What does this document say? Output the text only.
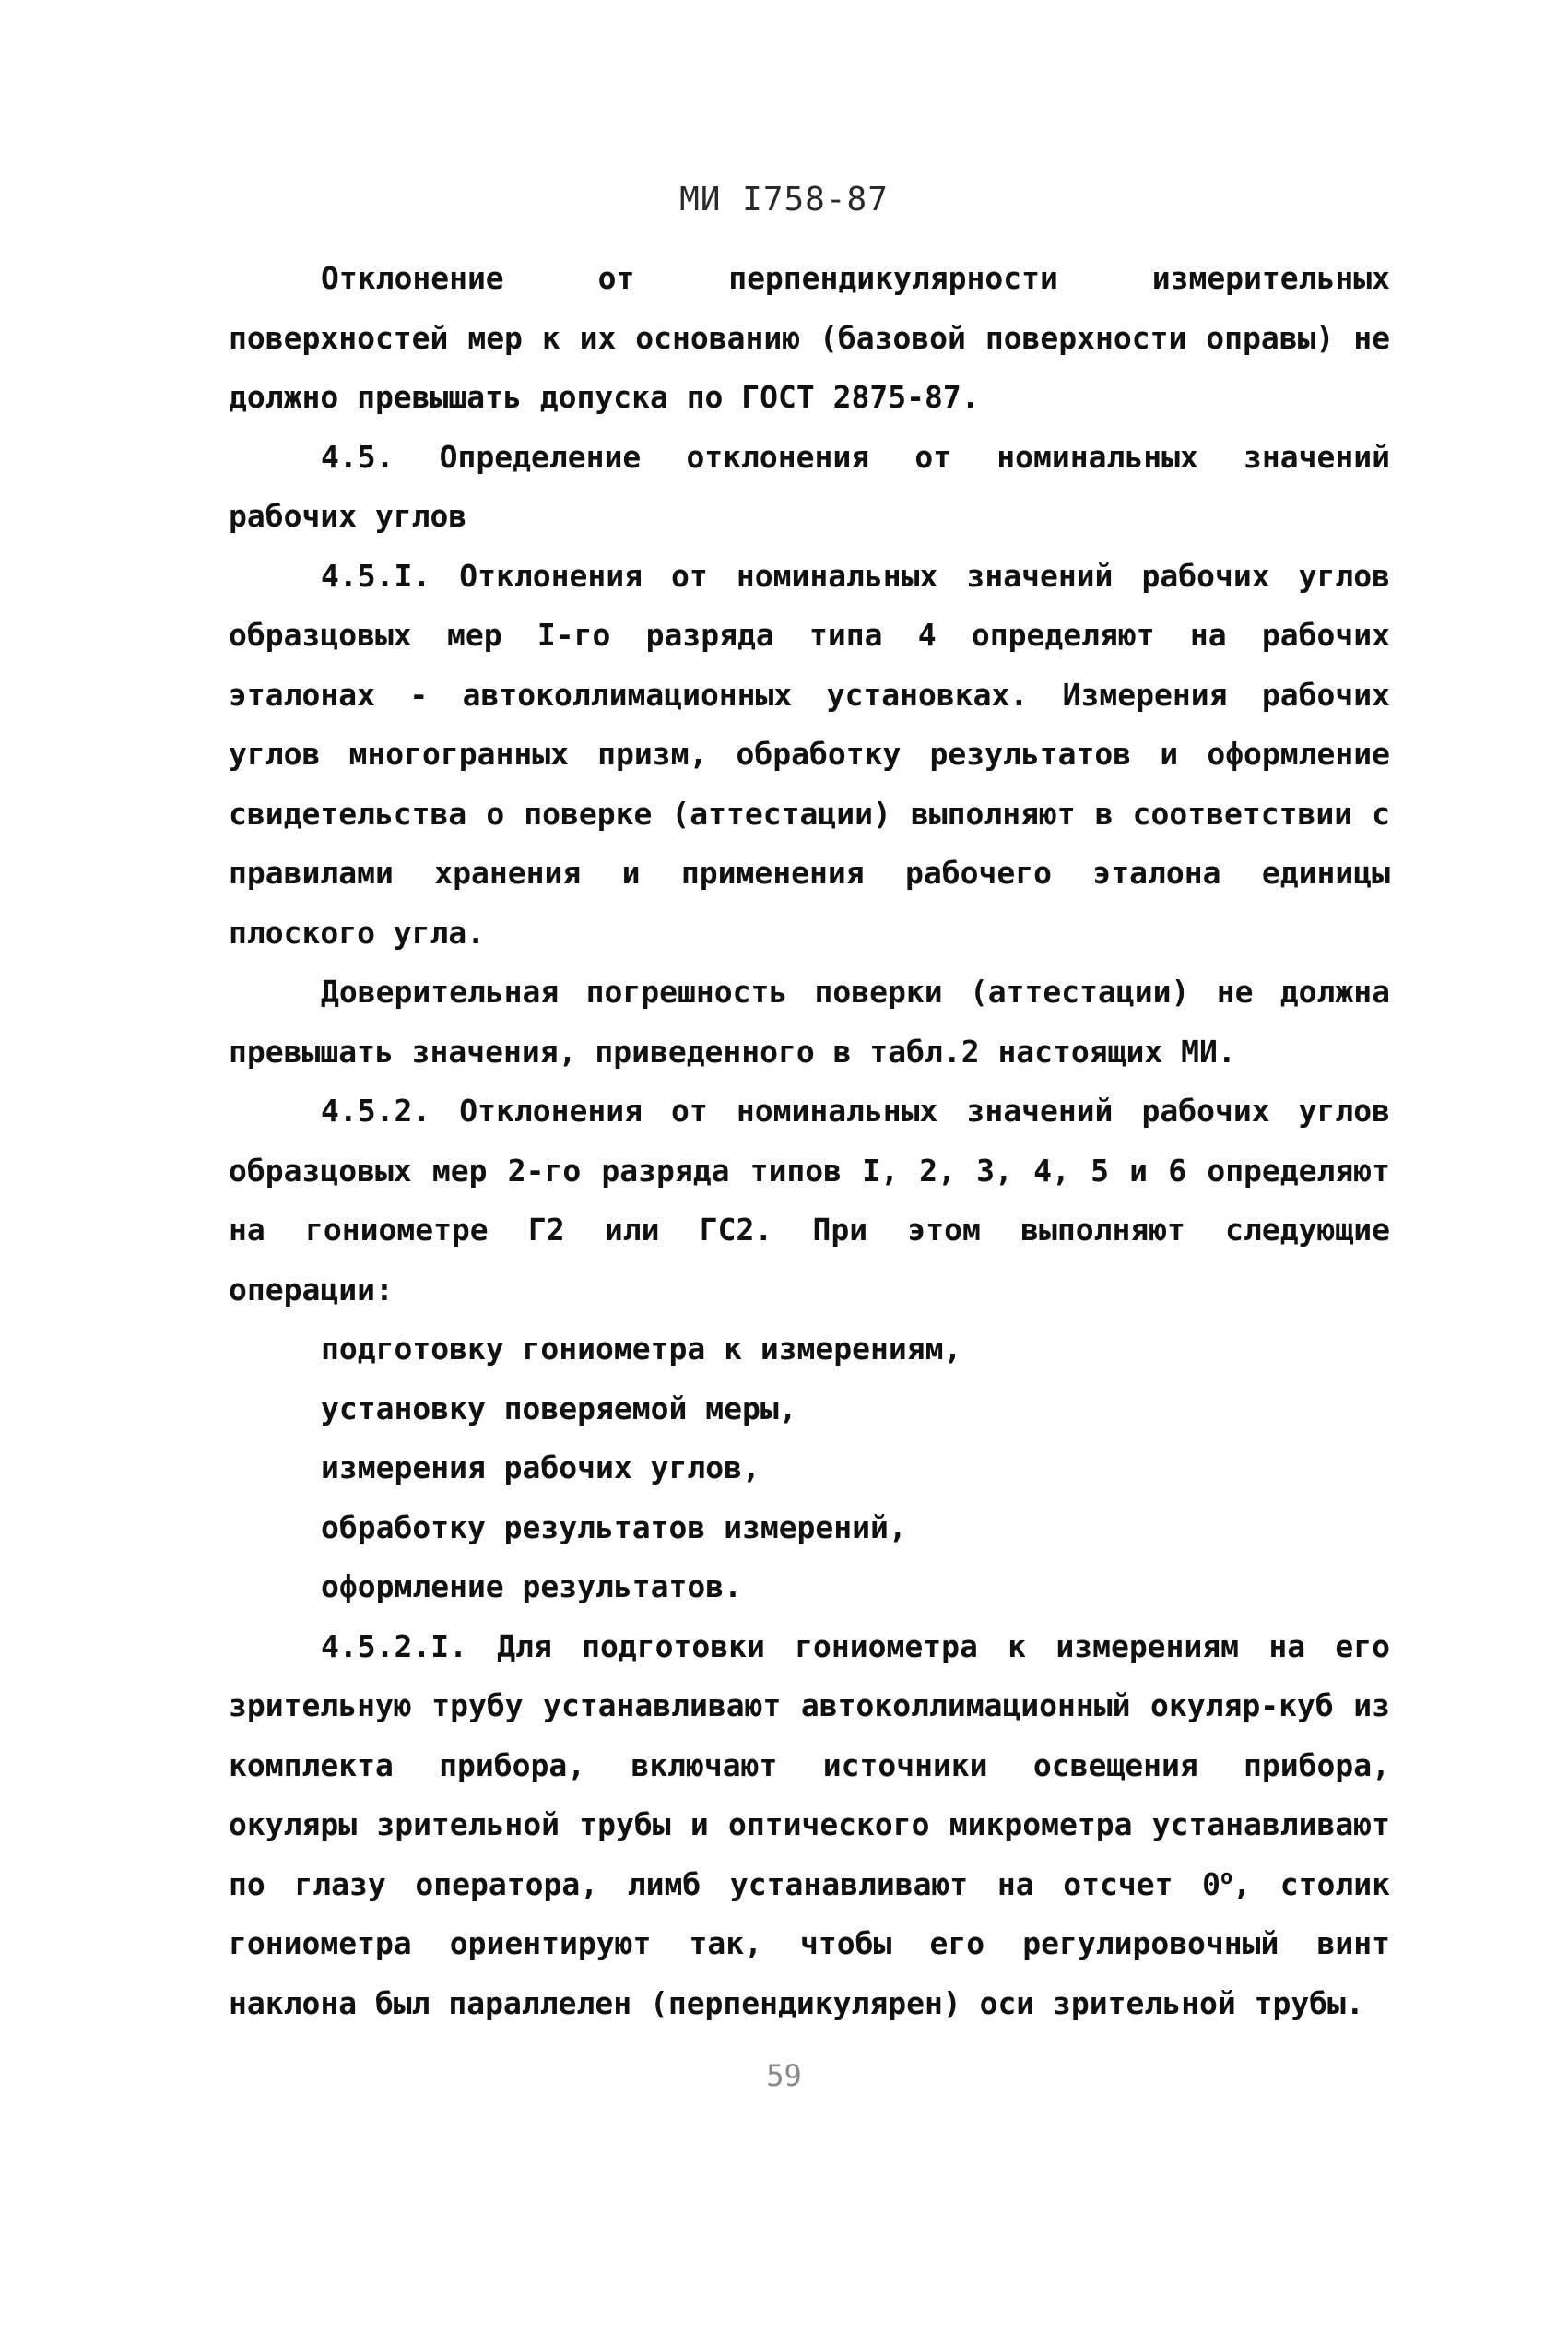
МИ I758-87

Отклонение от перпендикулярности измерительных поверхностей мер к их основанию (базовой поверхности оправы) не должно превышать допуска по ГОСТ 2875-87.

4.5. Определение отклонения от номинальных значений рабочих углов

4.5.I. Отклонения от номинальных значений рабочих углов образцовых мер I-го разряда типа 4 определяют на рабочих эталонах - автоколлимационных установках. Измерения рабочих углов многогранных призм, обработку результатов и оформление свидетельства о поверке (аттестации) выполняют в соответствии с правилами хранения и применения рабочего эталона единицы плоского угла.

Доверительная погрешность поверки (аттестации) не должна превышать значения, приведенного в табл.2 настоящих МИ.

4.5.2. Отклонения от номинальных значений рабочих углов образцовых мер 2-го разряда типов I, 2, 3, 4, 5 и 6 определяют на гониометре Г2 или ГС2. При этом выполняют следующие операции:

подготовку гониометра к измерениям,
установку поверяемой меры,
измерения рабочих углов,
обработку результатов измерений,
оформление результатов.

4.5.2.I. Для подготовки гониометра к измерениям на его зрительную трубу устанавливают автоколлимационный окуляр-куб из комплекта прибора, включают источники освещения прибора, окуляры зрительной трубы и оптического микрометра устанавливают по глазу оператора, лимб устанавливают на отсчет $0^о$, столик гониометра ориентируют так, чтобы его регулировочный винт наклона был параллелен (перпендикулярен) оси зрительной трубы.

59
